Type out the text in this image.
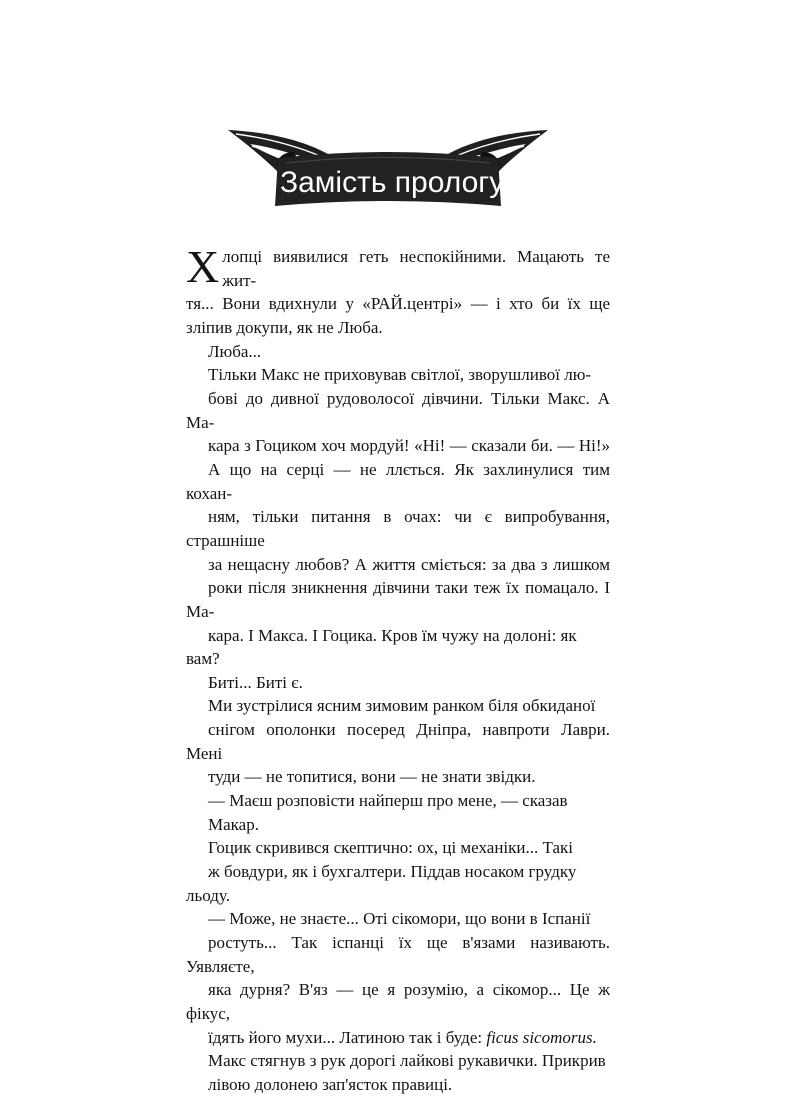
Замість прологу

Х лопці виявилися геть неспокійними. Мацають те жит-
тя... Вони вдихнули у «РАЙ.центрі» — і хто би їх ще
зліпив докупи, як не Люба.

Люба...

Тільки Макс не приховував світлої, зворушливої лю-
бові до дивної рудоволосої дівчини. Тільки Макс. А Ма-
кара з Гоциком хоч мордуй! «Ні! — сказали би. — Ні!»
А що на серці — не ллється. Як захлинулися тим кохан-
ням, тільки питання в очах: чи є випробування, страшніше
за нещасну любов? А життя сміється: за два з лишком
роки після зникнення дівчини таки теж їх помацало. І Ма-
кара. І Макса. І Гоцика. Кров їм чужу на долоні: як вам?

Биті... Биті є.

Ми зустрілися ясним зимовим ранком біля обкиданої
снігом ополонки посеред Дніпра, навпроти Лаври. Мені
туди — не топитися, вони — не знати звідки.

— Маєш розповісти найперш про мене, — сказав
Макар.

Гоцик скривився скептично: ох, ці механіки... Такі
ж бовдури, як і бухгалтери. Піддав носаком грудку льоду.

— Може, не знаєте... Оті сікомори, що вони в Іспанії
ростуть... Так іспанці їх ще в'язами називають. Уявляєте,
яка дурня? В'яз — це я розумію, а сікомор... Це ж фікус,
їдять його мухи... Латиною так і буде: ficus sicomorus.

Макс стягнув з рук дорогі лайкові рукавички. Прикрив
лівою долонею зап'ясток правиці.
